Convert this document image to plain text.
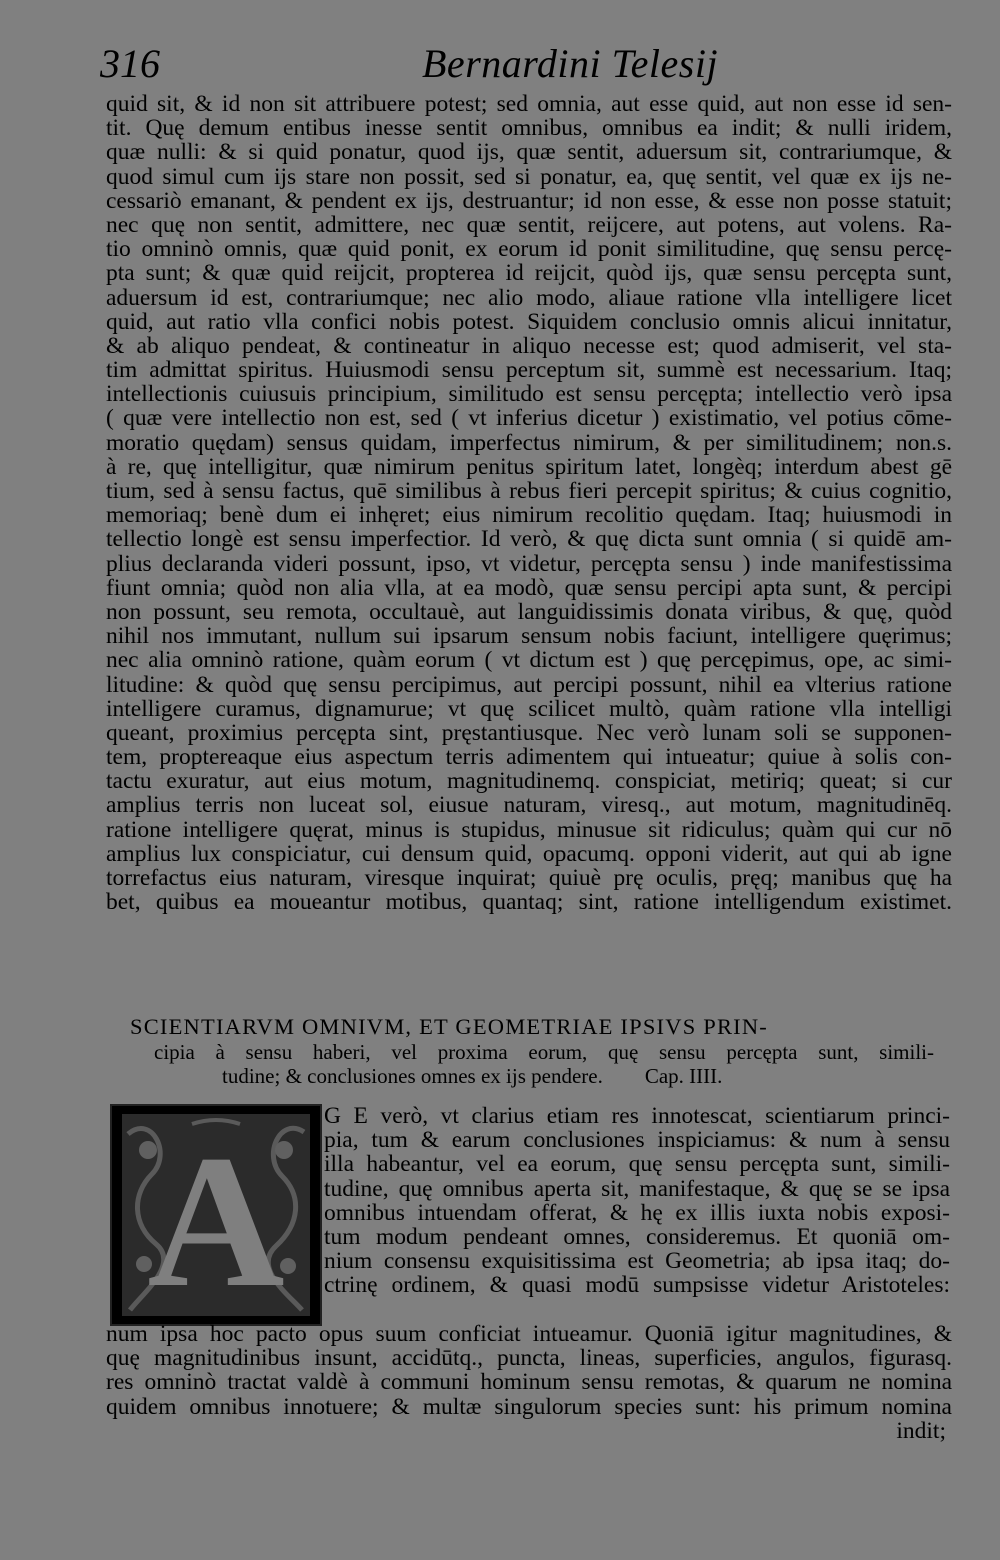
316	Bernardini Telesij
quid sit, & id non sit attribuere potest; sed omnia, aut esse quid, aut non esse id sen-
tit. Quę demum entibus inesse sentit omnibus, omnibus ea indit; & nulli iridem,
quæ nulli: & si quid ponatur, quod ijs, quæ sentit, aduersum sit, contrariumque, &
quod simul cum ijs stare non possit, sed si ponatur, ea, quę sentit, vel quæ ex ijs ne-
cessariò emanant, & pendent ex ijs, destruantur; id non esse, & esse non posse statuit;
nec quę non sentit, admittere, nec quæ sentit, reijcere, aut potens, aut volens. Ra-
tio omninò omnis, quæ quid ponit, ex eorum id ponit similitudine, quę sensu percę-
pta sunt; & quæ quid reijcit, propterea id reijcit, quòd ijs, quæ sensu percępta sunt,
aduersum id est, contrariumque; nec alio modo, aliaue ratione vlla intelligere licet
quid, aut ratio vlla confici nobis potest. Siquidem conclusio omnis alicui innitatur,
& ab aliquo pendeat, & contineatur in aliquo necesse est; quod admiserit, vel sta-
tim admittat spiritus. Huiusmodi sensu perceptum sit, summè est necessarium. Itaq;
intellectionis cuiusuis principium, similitudo est sensu percępta; intellectio verò ipsa
( quæ vere intellectio non est, sed ( vt inferius dicetur ) existimatio, vel potius cōme-
moratio quędam) sensus quidam, imperfectus nimirum, & per similitudinem; non.s.
à re, quę intelligitur, quæ nimirum penitus spiritum latet, longèq; interdum abest gē
tium, sed à sensu factus, quē similibus à rebus fieri percepit spiritus; & cuius cognitio,
memoriaq; benè dum ei inhęret; eius nimirum recolitio quędam. Itaq; huiusmodi in
tellectio longè est sensu imperfectior. Id verò, & quę dicta sunt omnia ( si quidē am-
plius declaranda videri possunt, ipso, vt videtur, percępta sensu ) inde manifestissima
fiunt omnia; quòd non alia vlla, at ea modò, quæ sensu percipi apta sunt, & percipi
non possunt, seu remota, occultauè, aut languidissimis donata viribus, & quę, quòd
nihil nos immutant, nullum sui ipsarum sensum nobis faciunt, intelligere quęrimus;
nec alia omninò ratione, quàm eorum ( vt dictum est ) quę percępimus, ope, ac simi-
litudine: & quòd quę sensu percipimus, aut percipi possunt, nihil ea vlterius ratione
intelligere curamus, dignamurue; vt quę scilicet multò, quàm ratione vlla intelligi
queant, proximius percępta sint, pręstantiusque. Nec verò lunam soli se supponen-
tem, proptereaque eius aspectum terris adimentem qui intueatur; quiue à solis con-
tactu exuratur, aut eius motum, magnitudinemq. conspiciat, metiriq; queat; si cur
amplius terris non luceat sol, eiusue naturam, viresq., aut motum, magnitudinēq.
ratione intelligere quęrat, minus is stupidus, minusue sit ridiculus; quàm qui cur nō
amplius lux conspiciatur, cui densum quid, opacumq. opponi viderit, aut qui ab igne
torrefactus eius naturam, viresque inquirat; quiuè prę oculis, pręq; manibus quę ha
bet, quibus ea moueantur motibus, quantaq; sint, ratione intelligendum existimet.
SCIENTIARVM OMNIVM, ET GEOMETRIAE IPSIVS PRIN-
cipia à sensu haberi, vel proxima eorum, quę sensu percępta sunt, simili-
tudine; & conclusiones omnes ex ijs pendere. Cap. IIII.
A
G E verò, vt clarius etiam res innotescat, scientiarum princi-
pia, tum & earum conclusiones inspiciamus: & num à sensu
illa habeantur, vel ea eorum, quę sensu percępta sunt, simili-
tudine, quę omnibus aperta sit, manifestaque, & quę se se ipsa
omnibus intuendam offerat, & hę ex illis iuxta nobis exposi-
tum modum pendeant omnes, consideremus. Et quoniā om-
nium consensu exquisitissima est Geometria; ab ipsa itaq; do-
ctrinę ordinem, & quasi modū sumpsisse videtur Aristoteles:
num ipsa hoc pacto opus suum conficiat intueamur. Quoniā igitur magnitudines, &
quę magnitudinibus insunt, accidūtq., puncta, lineas, superficies, angulos, figurasq.
res omninò tractat valdè à communi hominum sensu remotas, & quarum ne nomina
quidem omnibus innotuere; & multæ singulorum species sunt: his primum nomina
indit;
